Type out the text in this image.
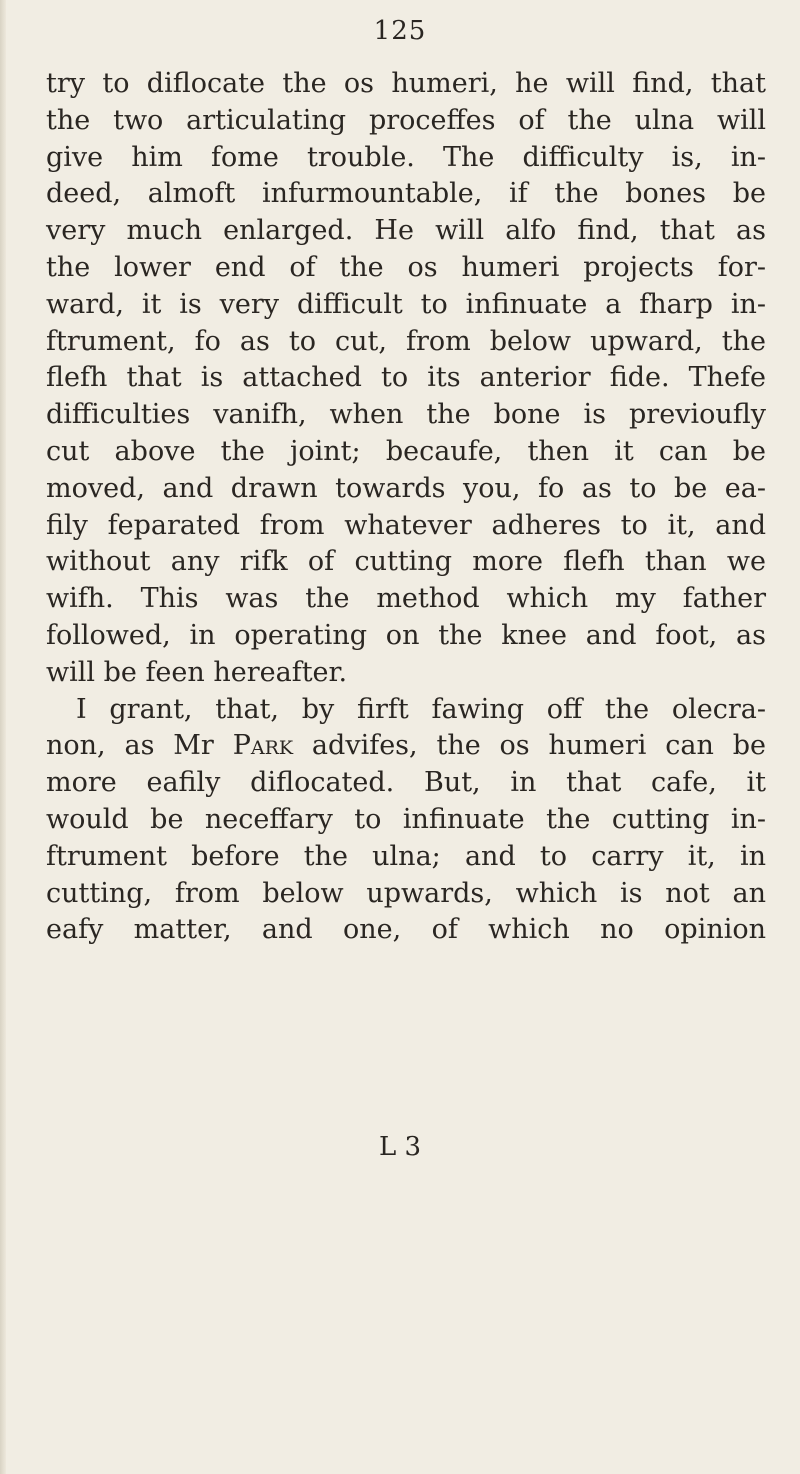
125
try to diflocate the os humeri, he will find, that
the two articulating proceffes of the ulna will
give him fome trouble. The difficulty is, in-
deed, almoft infurmountable, if the bones be
very much enlarged. He will alfo find, that as
the lower end of the os humeri projects for-
ward, it is very difficult to infinuate a fharp in-
ftrument, fo as to cut, from below upward, the
flefh that is attached to its anterior fide. Thefe
difficulties vanifh, when the bone is previoufly
cut above the joint; becaufe, then it can be
moved, and drawn towards you, fo as to be ea-
fily feparated from whatever adheres to it, and
without any rifk of cutting more flefh than we
wifh. This was the method which my father
followed, in operating on the knee and foot, as
will be feen hereafter.
I grant, that, by firft fawing off the olecra-
non, as Mr Park advifes, the os humeri can be
more eafily diflocated. But, in that cafe, it
would be neceffary to infinuate the cutting in-
ftrument before the ulna; and to carry it, in
cutting, from below upwards, which is not an
eafy matter, and one, of which no opinion
L 3
